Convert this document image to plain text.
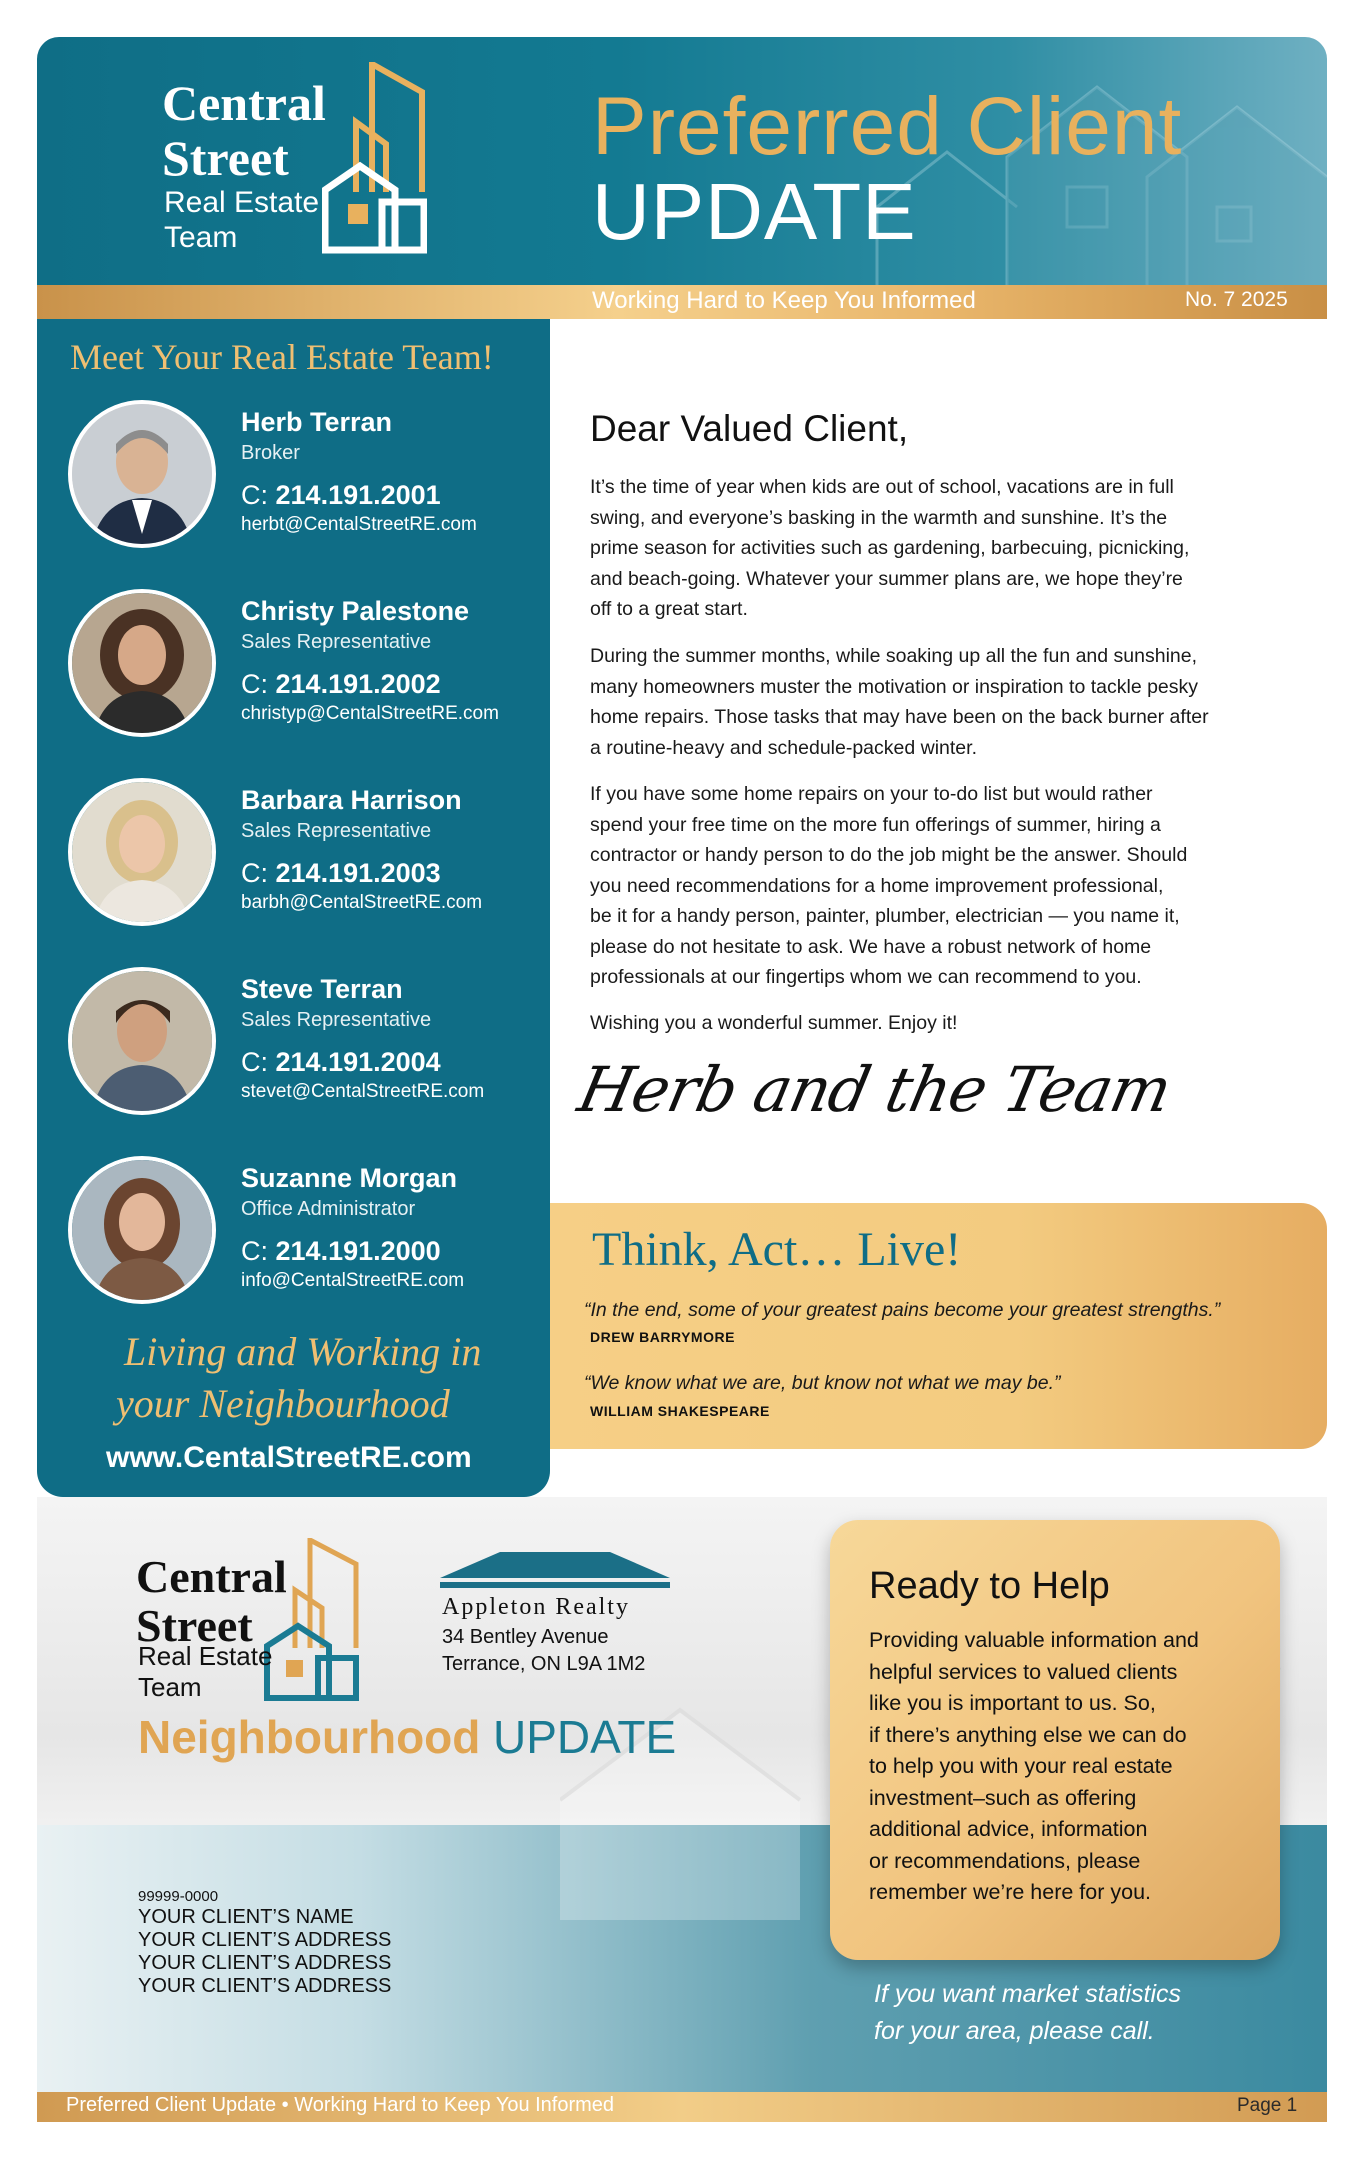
Central
Street
Real Estate
Team
Preferred Client
UPDATE
Working Hard to Keep You Informed	No. 7 2025
Meet Your Real Estate Team!
Herb Terran
Broker
C: 214.191.2001
herbt@CentalStreetRE.com
Christy Palestone
Sales Representative
C: 214.191.2002
christyp@CentalStreetRE.com
Barbara Harrison
Sales Representative
C: 214.191.2003
barbh@CentalStreetRE.com
Steve Terran
Sales Representative
C: 214.191.2004
stevet@CentalStreetRE.com
Suzanne Morgan
Office Administrator
C: 214.191.2000
info@CentalStreetRE.com
Living and Working in
your Neighbourhood
www.CentalStreetRE.com
Dear Valued Client,
It’s the time of year when kids are out of school, vacations are in full
swing, and everyone’s basking in the warmth and sunshine. It’s the
prime season for activities such as gardening, barbecuing, picnicking,
and beach-going. Whatever your summer plans are, we hope they’re
off to a great start.
During the summer months, while soaking up all the fun and sunshine,
many homeowners muster the motivation or inspiration to tackle pesky
home repairs. Those tasks that may have been on the back burner after
a routine-heavy and schedule-packed winter.
If you have some home repairs on your to-do list but would rather
spend your free time on the more fun offerings of summer, hiring a
contractor or handy person to do the job might be the answer. Should
you need recommendations for a home improvement professional,
be it for a handy person, painter, plumber, electrician — you name it,
please do not hesitate to ask. We have a robust network of home
professionals at our fingertips whom we can recommend to you.
Wishing you a wonderful summer. Enjoy it!
Herb and the Team
Think, Act… Live!
“In the end, some of your greatest pains become your greatest strengths.”
DREW BARRYMORE
“We know what we are, but know not what we may be.”
WILLIAM SHAKESPEARE
Central
Street
Real Estate
Team
Neighbourhood UPDATE
Appleton Realty
34 Bentley Avenue
Terrance, ON L9A 1M2
99999-0000
YOUR CLIENT’S NAME
YOUR CLIENT’S ADDRESS
YOUR CLIENT’S ADDRESS
YOUR CLIENT’S ADDRESS
Ready to Help
Providing valuable information and
helpful services to valued clients
like you is important to us. So,
if there’s anything else we can do
to help you with your real estate
investment–such as offering
additional advice, information
or recommendations, please
remember we’re here for you.
If you want market statistics
for your area, please call.
Preferred Client Update • Working Hard to Keep You Informed	Page 1
